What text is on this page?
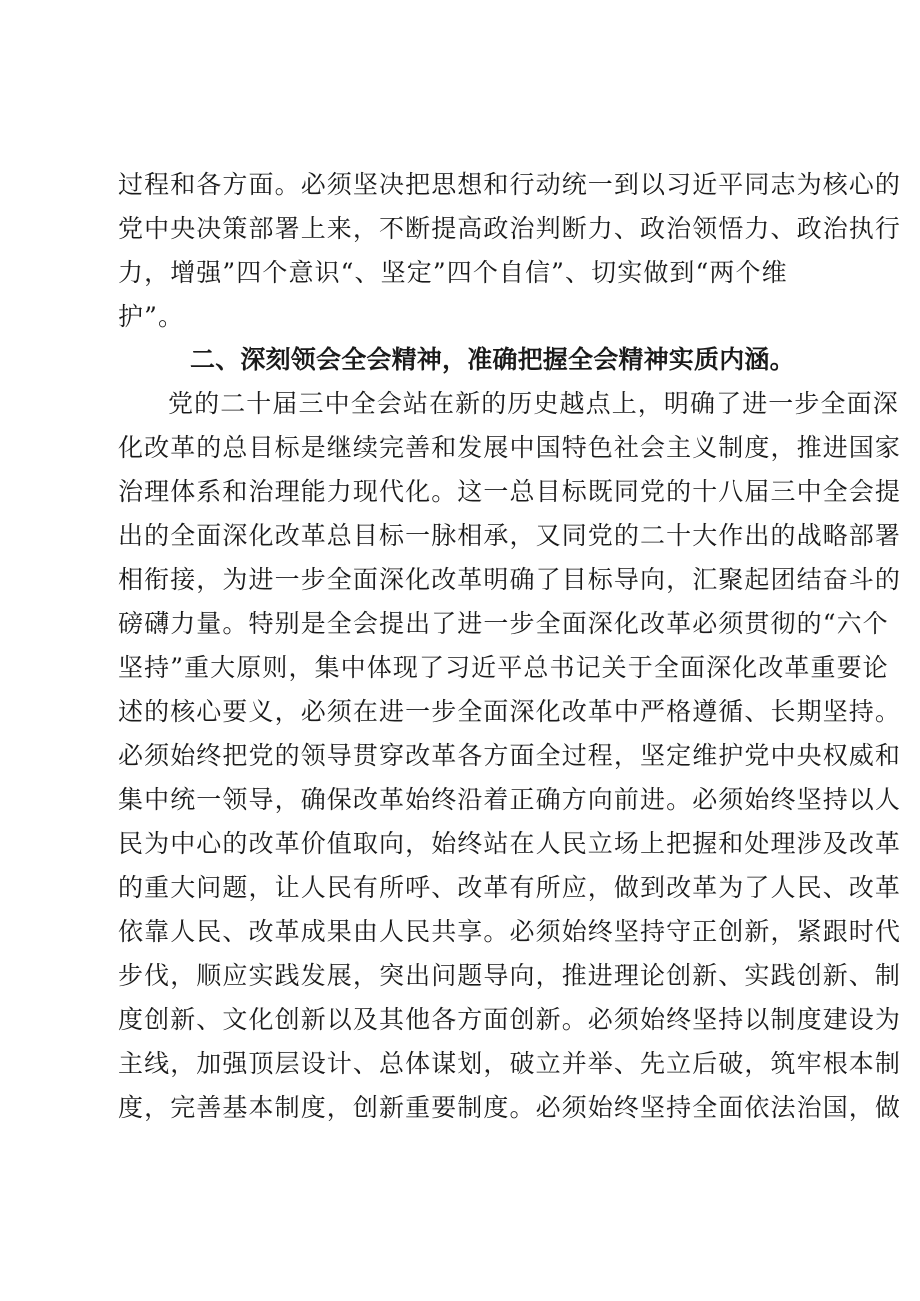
过程和各方面。必须坚决把思想和行动统一到以习近平同志为核心的
党中央决策部署上来，不断提高政治判断力、政治领悟力、政治执行
力，增强”四个意识“、坚定”四个自信”、切实做到“两个维
护”。
二、深刻领会全会精神，准确把握全会精神实质内涵。
党的二十届三中全会站在新的历史越点上，明确了进一步全面深
化改革的总目标是继续完善和发展中国特色社会主义制度，推进国家
治理体系和治理能力现代化。这一总目标既同党的十八届三中全会提
出的全面深化改革总目标一脉相承，又同党的二十大作出的战略部署
相衔接，为进一步全面深化改革明确了目标导向，汇聚起团结奋斗的
磅礴力量。特别是全会提出了进一步全面深化改革必须贯彻的“六个
坚持”重大原则，集中体现了习近平总书记关于全面深化改革重要论
述的核心要义，必须在进一步全面深化改革中严格遵循、长期坚持。
必须始终把党的领导贯穿改革各方面全过程，坚定维护党中央权威和
集中统一领导，确保改革始终沿着正确方向前进。必须始终坚持以人
民为中心的改革价值取向，始终站在人民立场上把握和处理涉及改革
的重大问题，让人民有所呼、改革有所应，做到改革为了人民、改革
依靠人民、改革成果由人民共享。必须始终坚持守正创新，紧跟时代
步伐，顺应实践发展，突出问题导向，推进理论创新、实践创新、制
度创新、文化创新以及其他各方面创新。必须始终坚持以制度建设为
主线，加强顶层设计、总体谋划，破立并举、先立后破，筑牢根本制
度，完善基本制度，创新重要制度。必须始终坚持全面依法治国，做
